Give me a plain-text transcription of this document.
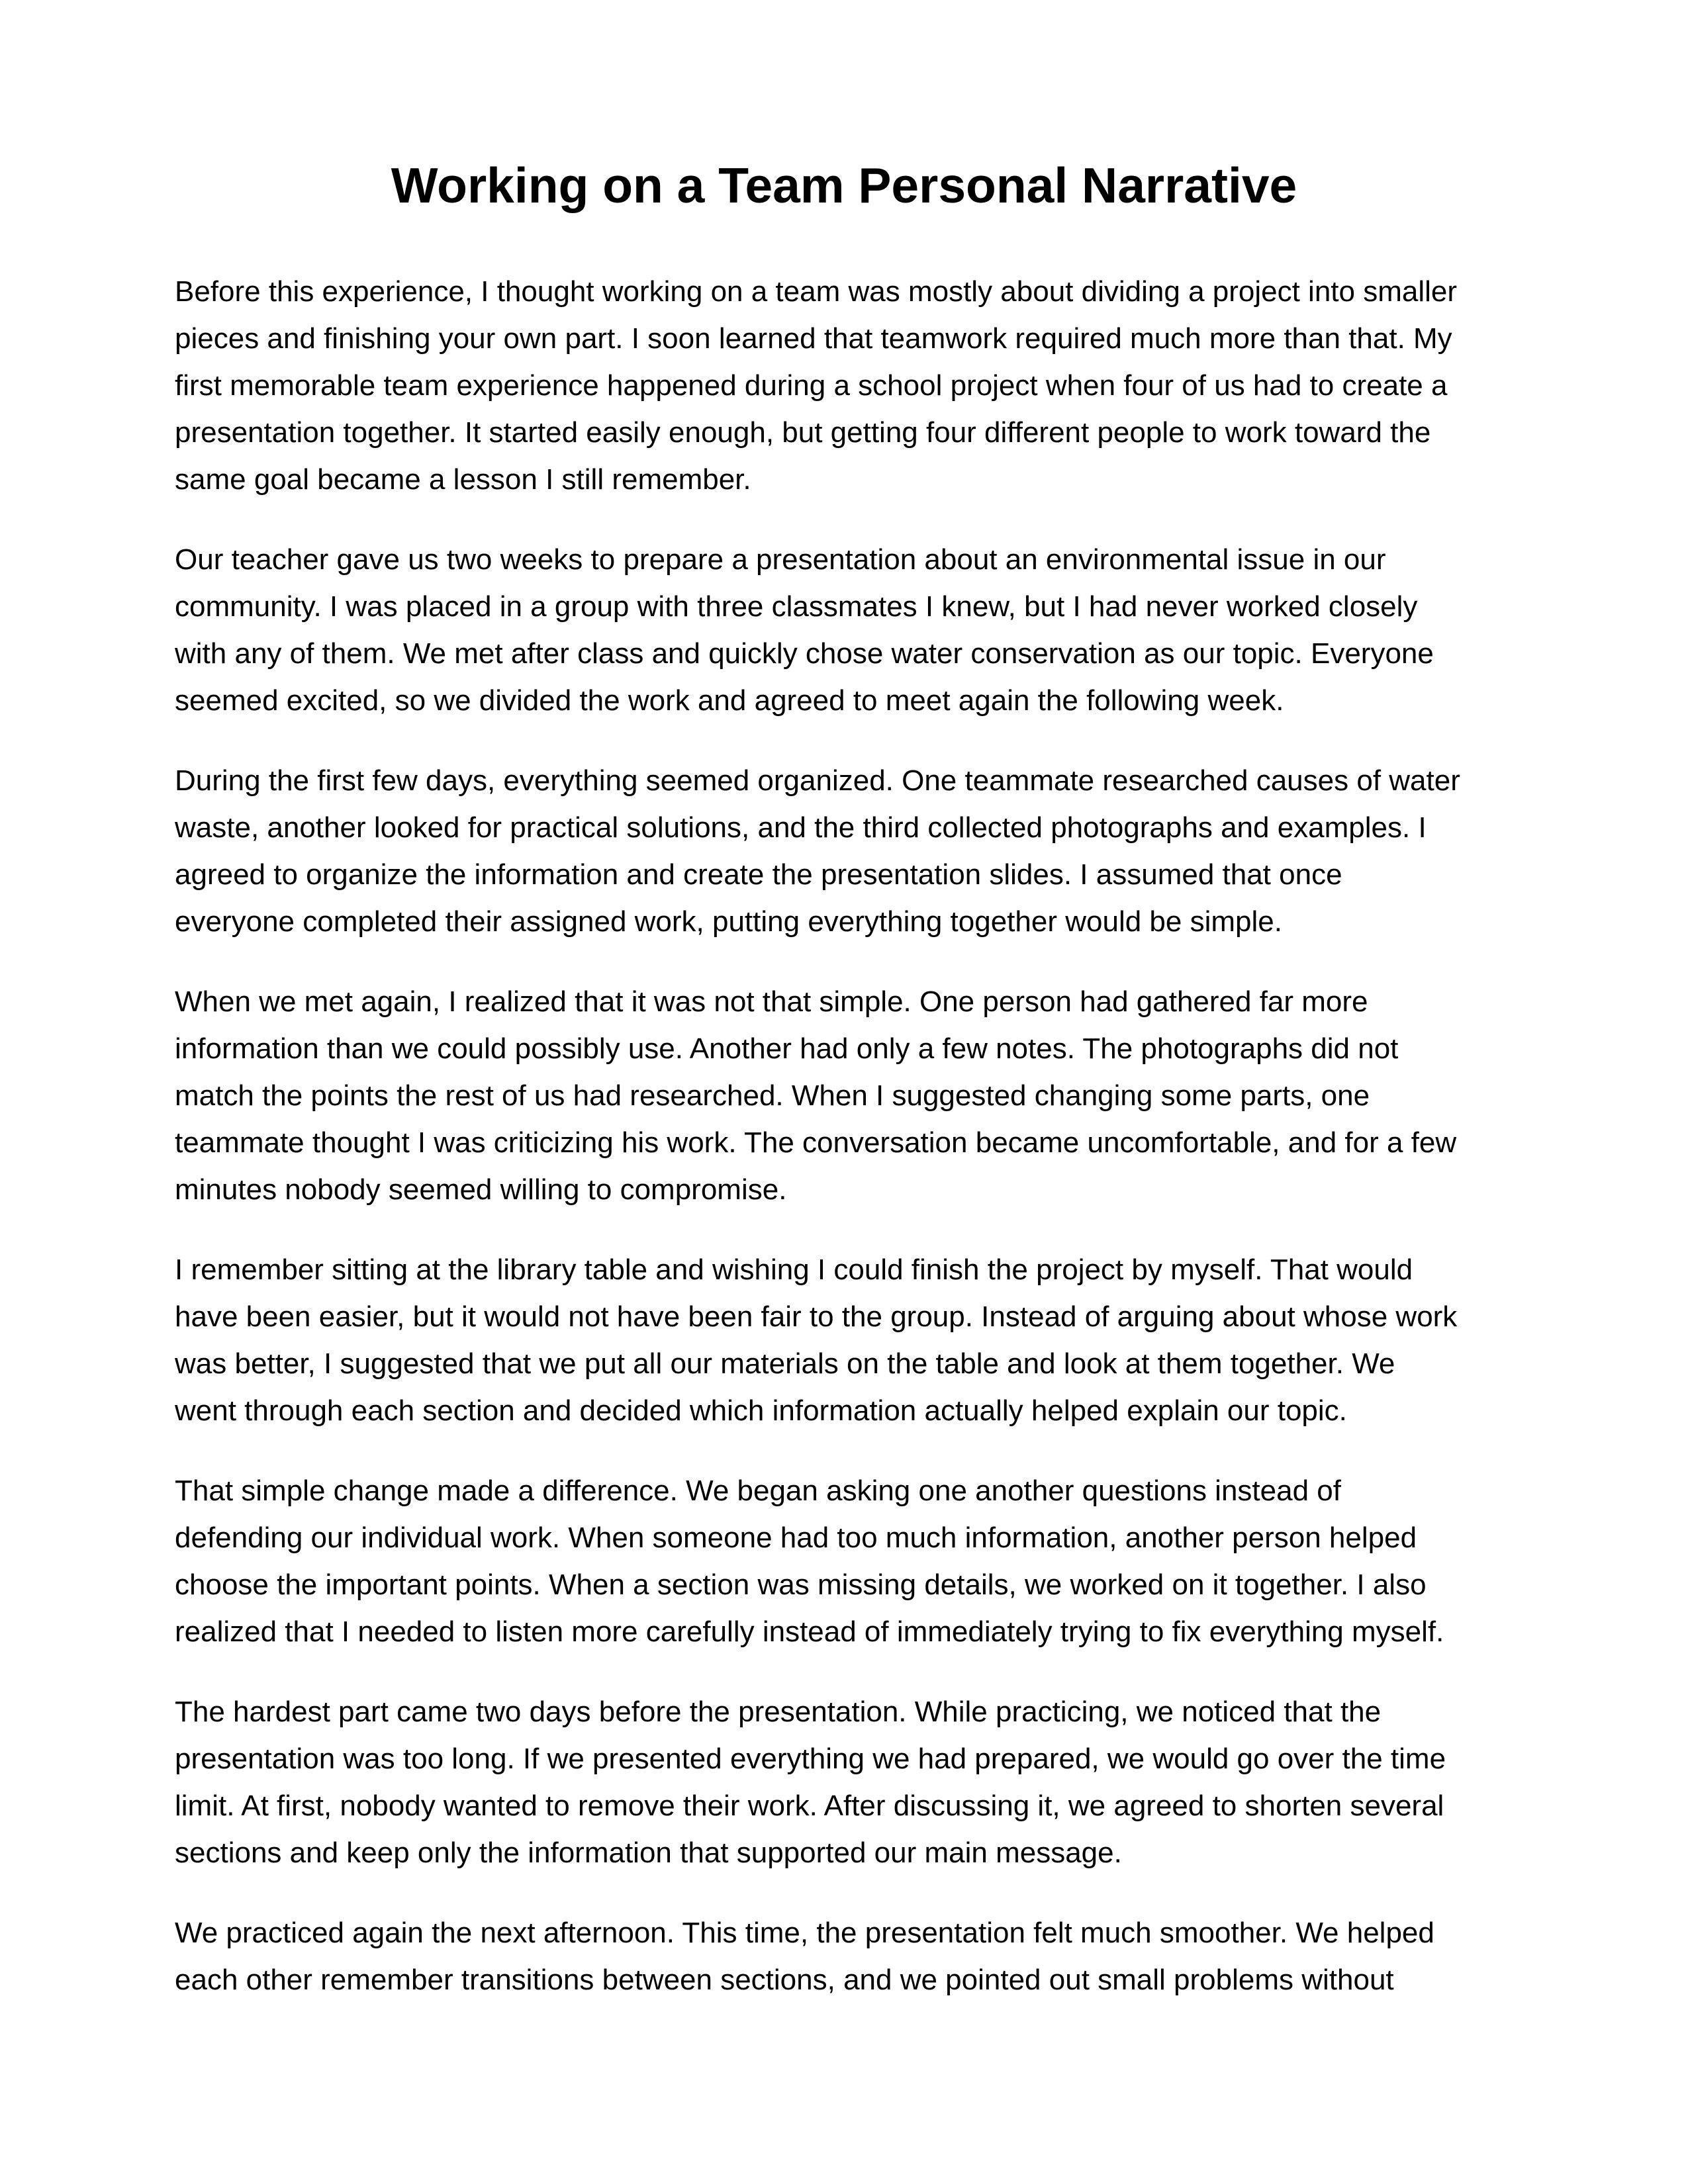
Working on a Team Personal Narrative

Before this experience, I thought working on a team was mostly about dividing a project into smaller
pieces and finishing your own part. I soon learned that teamwork required much more than that. My
first memorable team experience happened during a school project when four of us had to create a
presentation together. It started easily enough, but getting four different people to work toward the
same goal became a lesson I still remember.

Our teacher gave us two weeks to prepare a presentation about an environmental issue in our
community. I was placed in a group with three classmates I knew, but I had never worked closely
with any of them. We met after class and quickly chose water conservation as our topic. Everyone
seemed excited, so we divided the work and agreed to meet again the following week.

During the first few days, everything seemed organized. One teammate researched causes of water
waste, another looked for practical solutions, and the third collected photographs and examples. I
agreed to organize the information and create the presentation slides. I assumed that once
everyone completed their assigned work, putting everything together would be simple.

When we met again, I realized that it was not that simple. One person had gathered far more
information than we could possibly use. Another had only a few notes. The photographs did not
match the points the rest of us had researched. When I suggested changing some parts, one
teammate thought I was criticizing his work. The conversation became uncomfortable, and for a few
minutes nobody seemed willing to compromise.

I remember sitting at the library table and wishing I could finish the project by myself. That would
have been easier, but it would not have been fair to the group. Instead of arguing about whose work
was better, I suggested that we put all our materials on the table and look at them together. We
went through each section and decided which information actually helped explain our topic.

That simple change made a difference. We began asking one another questions instead of
defending our individual work. When someone had too much information, another person helped
choose the important points. When a section was missing details, we worked on it together. I also
realized that I needed to listen more carefully instead of immediately trying to fix everything myself.

The hardest part came two days before the presentation. While practicing, we noticed that the
presentation was too long. If we presented everything we had prepared, we would go over the time
limit. At first, nobody wanted to remove their work. After discussing it, we agreed to shorten several
sections and keep only the information that supported our main message.

We practiced again the next afternoon. This time, the presentation felt much smoother. We helped
each other remember transitions between sections, and we pointed out small problems without
